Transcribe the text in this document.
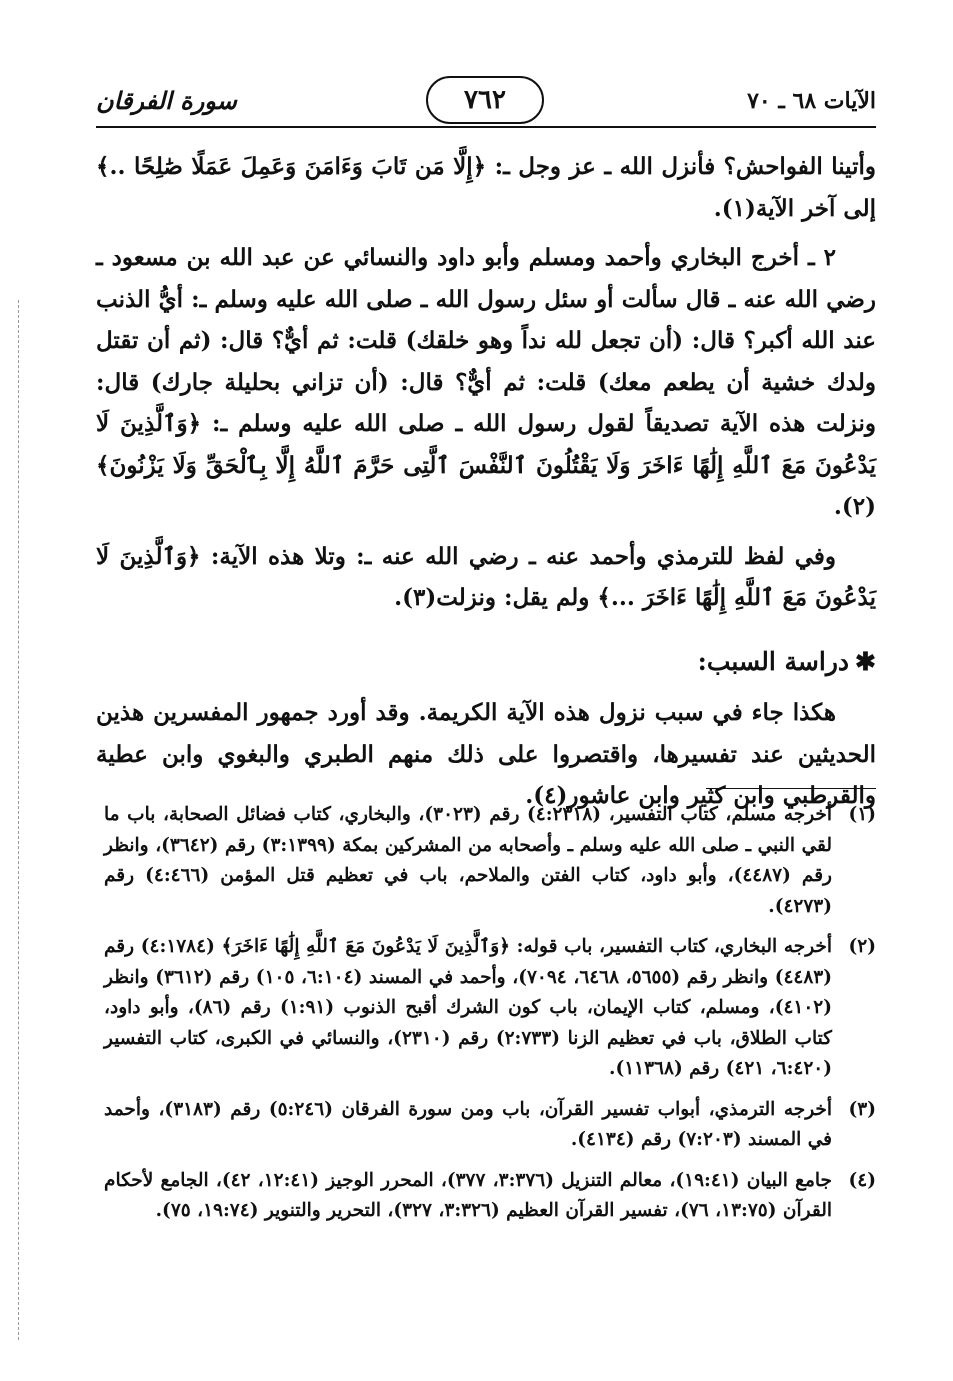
الآيات ٦٨ ـ ٧٠
٧٦٢
سورة الفرقان

وأتينا الفواحش؟ فأنزل الله ـ عز وجل ـ: ﴿إِلَّا مَن تَابَ وَءَامَنَ وَعَمِلَ عَمَلًا صَٰلِحًا ..﴾ إلى آخر الآية(١).

٢ ـ أخرج البخاري وأحمد ومسلم وأبو داود والنسائي عن عبد الله بن مسعود ـ رضي الله عنه ـ قال سألت أو سئل رسول الله ـ صلى الله عليه وسلم ـ: أيُّ الذنب عند الله أكبر؟ قال: (أن تجعل لله نداً وهو خلقك) قلت: ثم أيٌّ؟ قال: (ثم أن تقتل ولدك خشية أن يطعم معك) قلت: ثم أيٌّ؟ قال: (أن تزاني بحليلة جارك) قال: ونزلت هذه الآية تصديقاً لقول رسول الله ـ صلى الله عليه وسلم ـ: ﴿وَٱلَّذِينَ لَا يَدْعُونَ مَعَ ٱللَّهِ إِلَٰهًا ءَاخَرَ وَلَا يَقْتُلُونَ ٱلنَّفْسَ ٱلَّتِى حَرَّمَ ٱللَّهُ إِلَّا بِٱلْحَقِّ وَلَا يَزْنُونَ﴾(٢).

وفي لفظ للترمذي وأحمد عنه ـ رضي الله عنه ـ: وتلا هذه الآية: ﴿وَٱلَّذِينَ لَا يَدْعُونَ مَعَ ٱللَّهِ إِلَٰهًا ءَاخَرَ ...﴾ ولم يقل: ونزلت(٣).

✱دراسة السبب:

هكذا جاء في سبب نزول هذه الآية الكريمة. وقد أورد جمهور المفسرين هذين الحديثين عند تفسيرها، واقتصروا على ذلك منهم الطبري والبغوي وابن عطية والقرطبي وابن كثير وابن عاشور(٤).

(١)
أخرجه مسلم، كتاب التفسير، (٤:٢٣١٨) رقم (٣٠٢٣)، والبخاري، كتاب فضائل الصحابة، باب ما لقي النبي ـ صلى الله عليه وسلم ـ وأصحابه من المشركين بمكة (٣:١٣٩٩) رقم (٣٦٤٢)، وانظر رقم (٤٤٨٧)، وأبو داود، كتاب الفتن والملاحم، باب في تعظيم قتل المؤمن (٤:٤٦٦) رقم (٤٢٧٣).
(٢)
أخرجه البخاري، كتاب التفسير، باب قوله: ﴿وَٱلَّذِينَ لَا يَدْعُونَ مَعَ ٱللَّهِ إِلَٰهًا ءَاخَرَ﴾ (٤:١٧٨٤) رقم (٤٤٨٣) وانظر رقم (٥٦٥٥، ٦٤٦٨، ٧٠٩٤)، وأحمد في المسند (٦:١٠٤، ١٠٥) رقم (٣٦١٢) وانظر (٤١٠٢)، ومسلم، كتاب الإيمان، باب كون الشرك أقبح الذنوب (١:٩١) رقم (٨٦)، وأبو داود، كتاب الطلاق، باب في تعظيم الزنا (٢:٧٣٣) رقم (٢٣١٠)، والنسائي في الكبرى، كتاب التفسير (٦:٤٢٠، ٤٢١) رقم (١١٣٦٨).
(٣)
أخرجه الترمذي، أبواب تفسير القرآن، باب ومن سورة الفرقان (٥:٢٤٦) رقم (٣١٨٣)، وأحمد في المسند (٧:٢٠٣) رقم (٤١٣٤).
(٤)
جامع البيان (١٩:٤١)، معالم التنزيل (٣:٣٧٦، ٣٧٧)، المحرر الوجيز (١٢:٤١، ٤٢)، الجامع لأحكام القرآن (١٣:٧٥، ٧٦)، تفسير القرآن العظيم (٣:٣٢٦، ٣٢٧)، التحرير والتنوير (١٩:٧٤، ٧٥).
